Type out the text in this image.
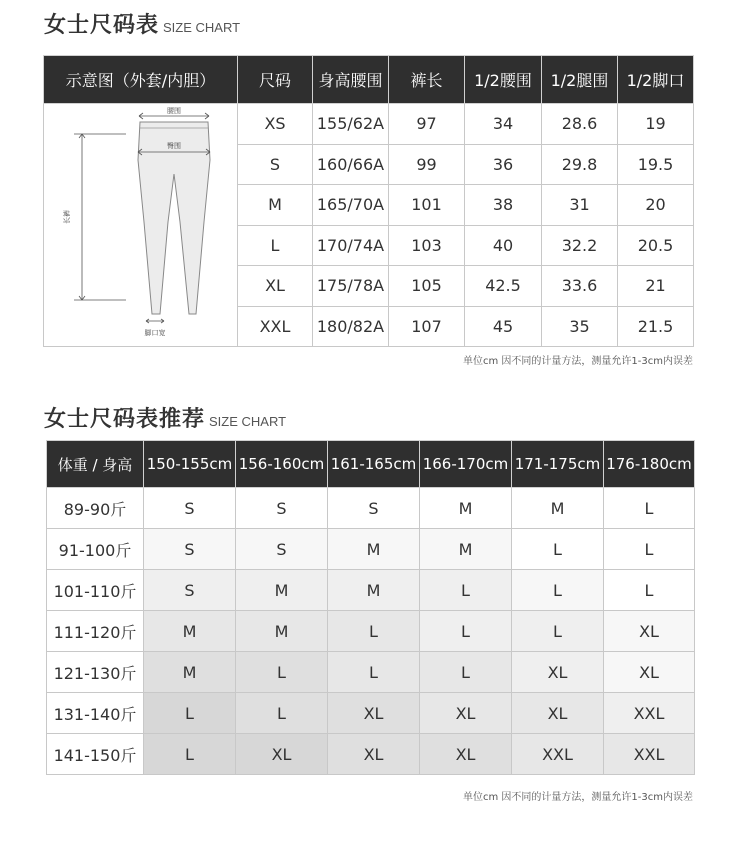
女士尺码表 SIZE CHART
示意图（外套/内胆）	尺码	身高腰围	裤长	1/2腰围	1/2腿围	1/2脚口

腰围
臀围
长裤
脚口宽	XS	155/62A	97	34	28.6	19
	S	160/66A	99	36	29.8	19.5
	M	165/70A	101	38	31	20
	L	170/74A	103	40	32.2	20.5
	XL	175/78A	105	42.5	33.6	21
	XXL	180/82A	107	45	35	21.5
单位cm 因不同的计量方法，测量允许1-3cm内误差
女士尺码表推荐 SIZE CHART
体重 / 身高	150-155cm	156-160cm	161-165cm	166-170cm	171-175cm	176-180cm
89-90斤	S	S	S	M	M	L
91-100斤	S	S	M	M	L	L
101-110斤	S	M	M	L	L	L
111-120斤	M	M	L	L	L	XL
121-130斤	M	L	L	L	XL	XL
131-140斤	L	L	XL	XL	XL	XXL
141-150斤	L	XL	XL	XL	XXL	XXL
单位cm 因不同的计量方法，测量允许1-3cm内误差
